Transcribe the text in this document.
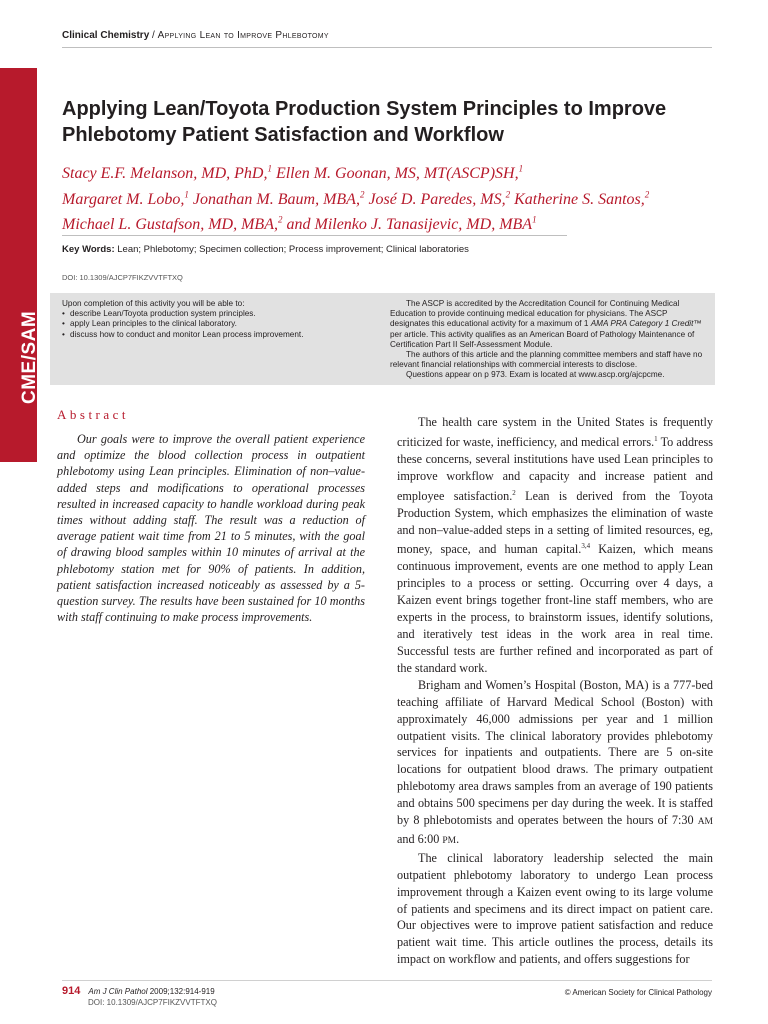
Clinical Chemistry / Applying Lean to Improve Phlebotomy
CME/SAM
Applying Lean/Toyota Production System Principles to Improve Phlebotomy Patient Satisfaction and Workflow
Stacy E.F. Melanson, MD, PhD,$^1$ Ellen M. Goonan, MS, MT(ASCP)SH,$^1$
Margaret M. Lobo,$^1$ Jonathan M. Baum, MBA,$^2$ José D. Paredes, MS,$^2$ Katherine S. Santos,$^2$
Michael L. Gustafson, MD, MBA,$^2$ and Milenko J. Tanasijevic, MD, MBA$^1$
Key Words: Lean; Phlebotomy; Specimen collection; Process improvement; Clinical laboratories
DOI: 10.1309/AJCP7FIKZVVTFTXQ
Upon completion of this activity you will be able to:
• describe Lean/Toyota production system principles.
• apply Lean principles to the clinical laboratory.
• discuss how to conduct and monitor Lean process improvement.

The ASCP is accredited by the Accreditation Council for Continuing Medical Education to provide continuing medical education for physicians. The ASCP designates this educational activity for a maximum of 1 AMA PRA Category 1 Credit™ per article. This activity qualifies as an American Board of Pathology Maintenance of Certification Part II Self-Assessment Module.

The authors of this article and the planning committee members and staff have no relevant financial relationships with commercial interests to disclose.

Questions appear on p 973. Exam is located at www.ascp.org/ajcpcme.

Abstract

Our goals were to improve the overall patient experience and optimize the blood collection process in outpatient phlebotomy using Lean principles. Elimination of non–value-added steps and modifications to operational processes resulted in increased capacity to handle workload during peak times without adding staff. The result was a reduction of average patient wait time from 21 to 5 minutes, with the goal of drawing blood samples within 10 minutes of arrival at the phlebotomy station met for 90% of patients. In addition, patient satisfaction increased noticeably as assessed by a 5-question survey. The results have been sustained for 10 months with staff continuing to make process improvements.

The health care system in the United States is frequently criticized for waste, inefficiency, and medical errors.$^1$ To address these concerns, several institutions have used Lean principles to improve workflow and capacity and increase patient and employee satisfaction.$^2$ Lean is derived from the Toyota Production System, which emphasizes the elimination of waste and non–value-added steps in a setting of limited resources, eg, money, space, and human capital.$^{3,4}$ Kaizen, which means continuous improvement, events are one method to apply Lean principles to a process or setting. Occurring over 4 days, a Kaizen event brings together front-line staff members, who are experts in the process, to brainstorm issues, identify solutions, and iteratively test ideas in the work area in real time. Successful tests are further refined and incorporated as part of the standard work.

Brigham and Women’s Hospital (Boston, MA) is a 777-bed teaching affiliate of Harvard Medical School (Boston) with approximately 46,000 admissions per year and 1 million outpatient visits. The clinical laboratory provides phlebotomy services for inpatients and outpatients. There are 5 on-site locations for outpatient blood draws. The primary outpatient phlebotomy area draws samples from an average of 190 patients and obtains 500 specimens per day during the week. It is staffed by 8 phlebotomists and operates between the hours of 7:30 AM and 6:00 PM.

The clinical laboratory leadership selected the main outpatient phlebotomy laboratory to undergo Lean process improvement through a Kaizen event owing to its large volume of patients and specimens and its direct impact on patient care. Our objectives were to improve patient satisfaction and reduce patient wait time. This article outlines the process, details its impact on workflow and patients, and offers suggestions for

914 Am J Clin Pathol 2009;132:914-919
DOI: 10.1309/AJCP7FIKZVVTFTXQ
© American Society for Clinical Pathology
